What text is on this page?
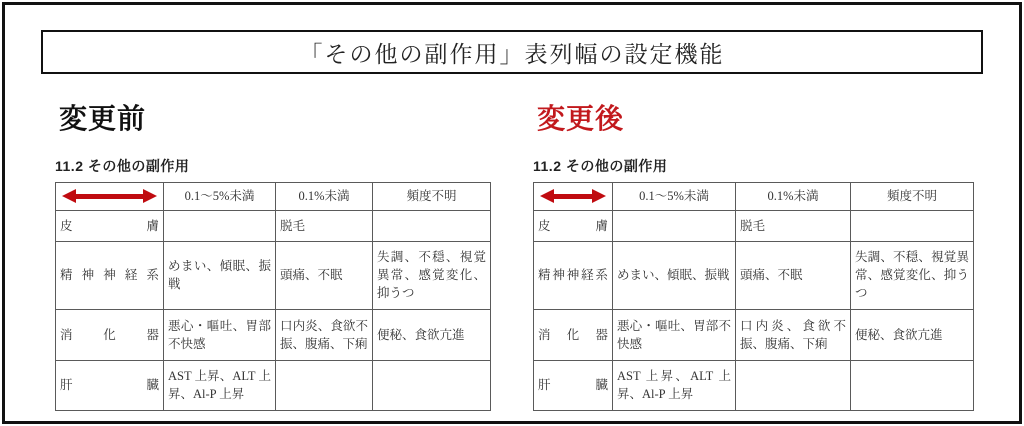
「その他の副作用」表列幅の設定機能
変更前
11.2 その他の副作用
	0.1〜5%未満	0.1%未満	頻度不明
皮　膚		脱毛	
精神神経系	めまい、傾眠、振戦	頭痛、不眠	失調、不穏、視覚異常、感覚変化、抑うつ
消　化　器	悪心・嘔吐、胃部不快感	口内炎、食欲不振、腹痛、下痢	便秘、食欲亢進
肝　臓	AST 上昇、ALT 上昇、Al-P 上昇		
変更後
11.2 その他の副作用
	0.1〜5%未満	0.1%未満	頻度不明
皮　膚		脱毛	
精神神経系	めまい、傾眠、振戦	頭痛、不眠	失調、不穏、視覚異常、感覚変化、抑うつ
消　化　器	悪心・嘔吐、胃部不快感	口内炎、食欲不振、腹痛、下痢	便秘、食欲亢進
肝　臓	AST 上昇、ALT 上昇、Al-P 上昇		
